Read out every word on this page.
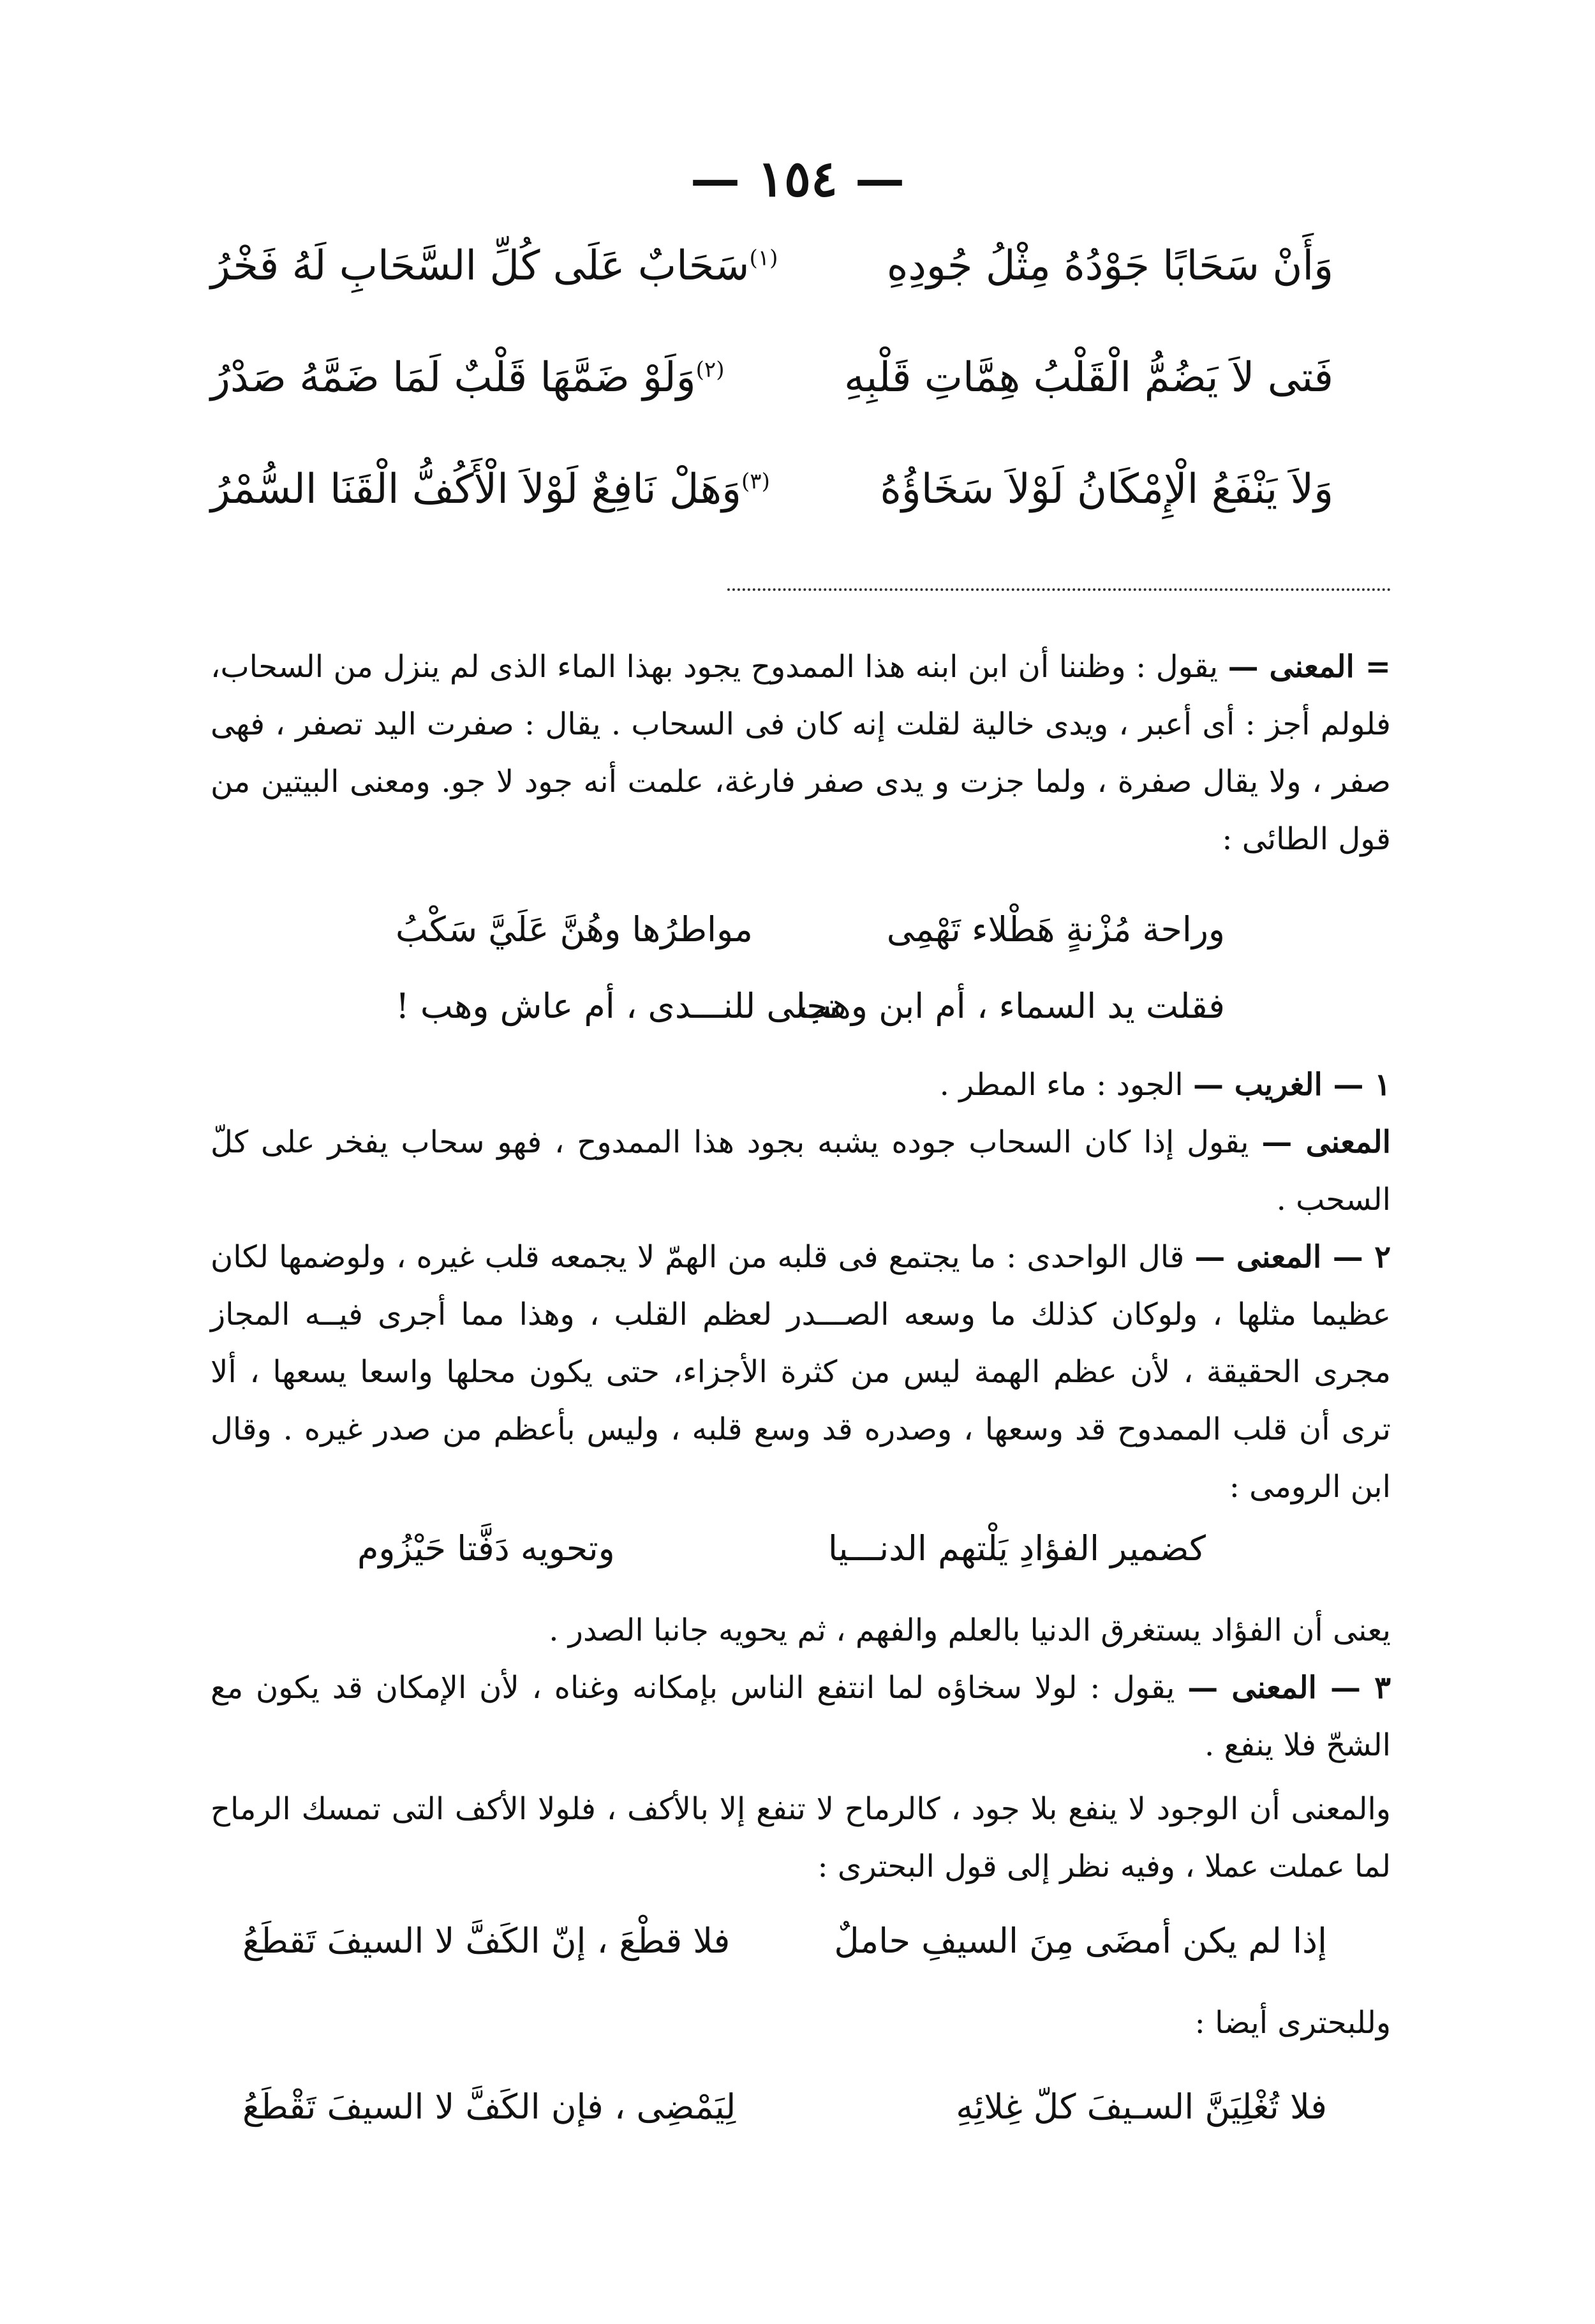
— ١٥٤ —
وَأَنْ سَحَابًا جَوْدُهُ مِثْلُ جُودِهِ
$^{(١)}$سَحَابٌ عَلَى كُلِّ السَّحَابِ لَهُ فَخْرُ
فَتى لاَ يَضُمُّ الْقَلْبُ هِمَّاتِ قَلْبِهِ
$^{(٢)}$وَلَوْ ضَمَّهَا قَلْبٌ لَمَا ضَمَّهُ صَدْرُ
وَلاَ يَنْفَعُ الْإِمْكَانُ لَوْلاَ سَخَاؤُهُ
$^{(٣)}$وَهَلْ نَافِعٌ لَوْلاَ الْأَكُفُّ الْقَنَا السُّمْرُ
= المعنى — يقول : وظننا أن ابن ابنه هذا الممدوح يجود بهذا الماء الذى لم ينزل من السحاب، فلولم أجز : أى أعبر ، ويدى خالية لقلت إنه كان فى السحاب . يقال : صفرت اليد تصفر ، فهى صفر ، ولا يقال صفرة ، ولما جزت و يدى صفر فارغة، علمت أنه جود لا جو. ومعنى البيتين من قول الطائى :
وراحة مُزْنةٍ هَطْلاء تَهْمِى
مواطرُها وهُنَّ عَلَيَّ سَكْبُ
فقلت يد السماء ، أم ابن وهب
تجلى للنـــدى ، أم عاش وهب !
١ — الغريب — الجود : ماء المطر .
المعنى — يقول إذا كان السحاب جوده يشبه بجود هذا الممدوح ، فهو سحاب يفخر على كلّ السحب .
٢ — المعنى — قال الواحدى : ما يجتمع فى قلبه من الهمّ لا يجمعه قلب غيره ، ولوضمها لكان عظيما مثلها ، ولوكان كذلك ما وسعه الصـــدر لعظم القلب ، وهذا مما أجرى فيــه المجاز مجرى الحقيقة ، لأن عظم الهمة ليس من كثرة الأجزاء، حتى يكون محلها واسعا يسعها ، ألا ترى أن قلب الممدوح قد وسعها ، وصدره قد وسع قلبه ، وليس بأعظم من صدر غيره . وقال ابن الرومى :
كضمير الفؤادِ يَلْتهم الدنـــيا
وتحويه دَفَّتا حَيْزُوم
يعنى أن الفؤاد يستغرق الدنيا بالعلم والفهم ، ثم يحويه جانبا الصدر .
٣ — المعنى — يقول : لولا سخاؤه لما انتفع الناس بإمكانه وغناه ، لأن الإمكان قد يكون مع الشحّ فلا ينفع .
والمعنى أن الوجود لا ينفع بلا جود ، كالرماح لا تنفع إلا بالأكف ، فلولا الأكف التى تمسك الرماح لما عملت عملا ، وفيه نظر إلى قول البحترى :
إذا لم يكن أمضَى مِنَ السيفِ حاملٌ
فلا قطْعَ ، إنّ الكَفَّ لا السيفَ تَقطَعُ
وللبحترى أيضا :
فلا تُغْلِيَنَّ السـيفَ كلّ غِلائِهِ
لِيَمْضِى ، فإن الكَفَّ لا السيفَ تَقْطَعُ
